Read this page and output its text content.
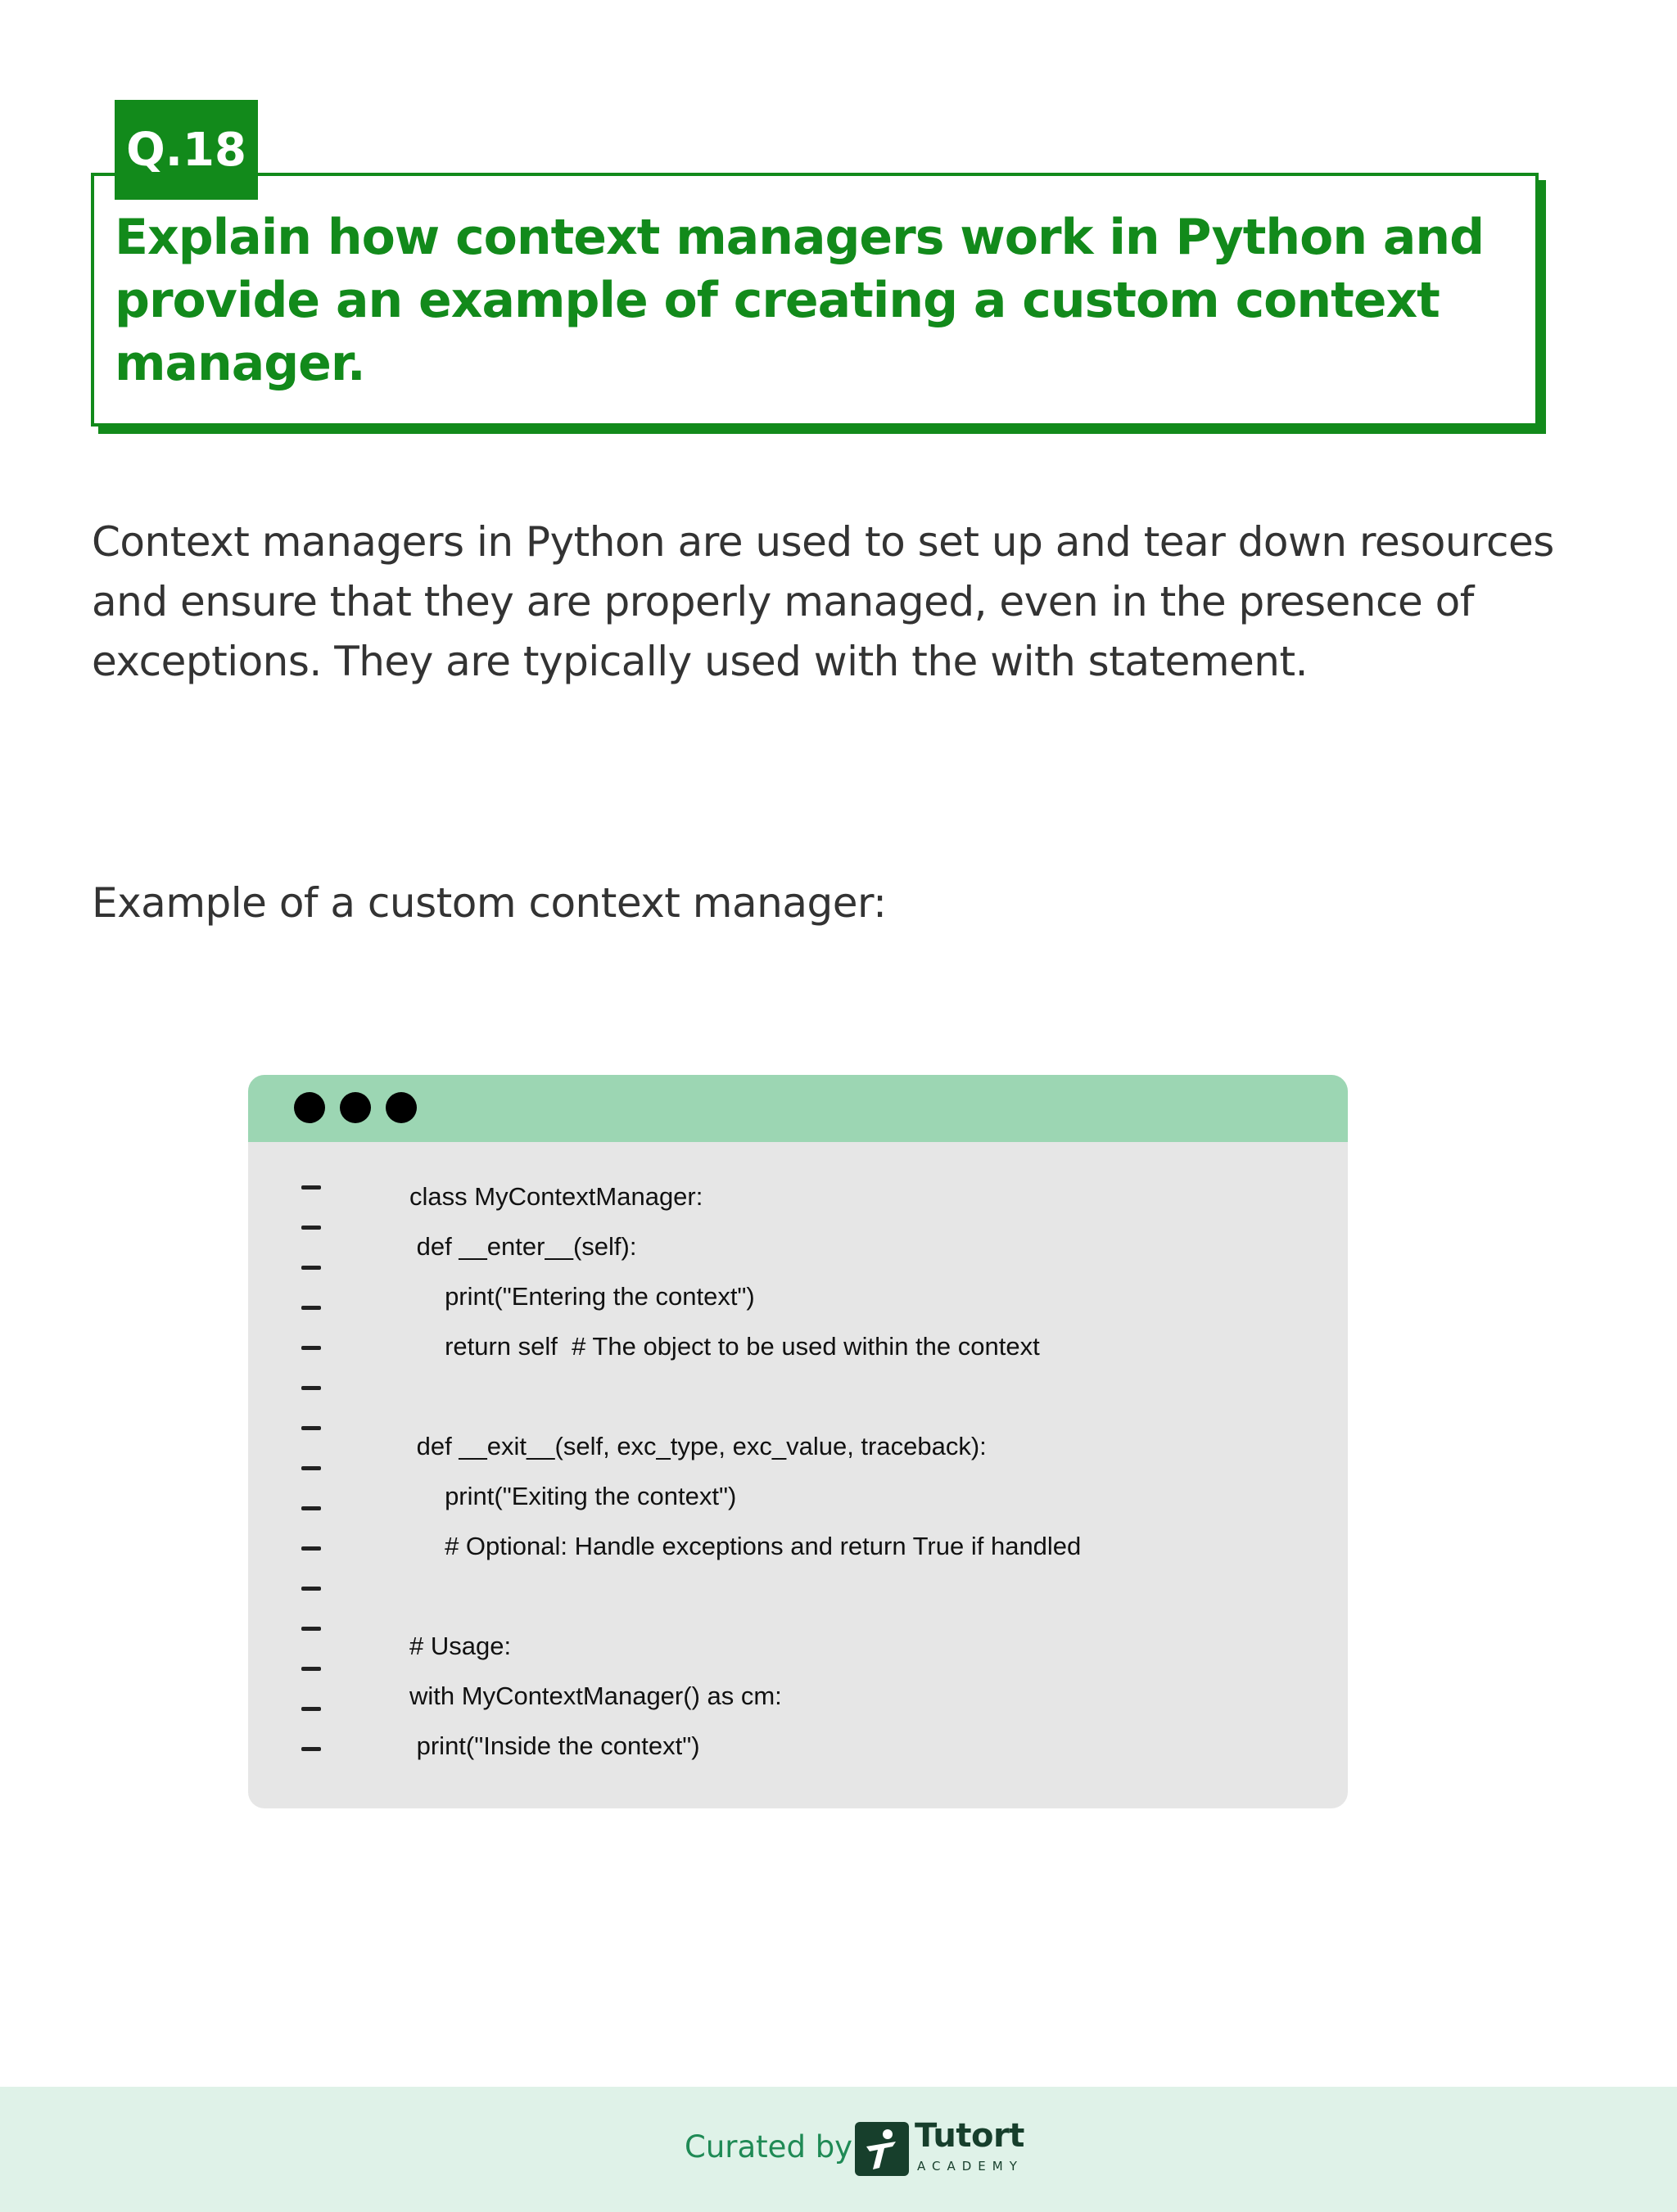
Q.18

Explain how context managers work in Python and provide an example of creating a custom context manager.

Context managers in Python are used to set up and tear down resources and ensure that they are properly managed, even in the presence of exceptions. They are typically used with the with statement.

Example of a custom context manager:

class MyContextManager:
def __enter__(self):
print("Entering the context")
return self  # The object to be used within the context
def __exit__(self, exc_type, exc_value, traceback):
print("Exiting the context")
# Optional: Handle exceptions and return True if handled
# Usage:
with MyContextManager() as cm:
print("Inside the context")

Curated by Tutort

ACADEMY
